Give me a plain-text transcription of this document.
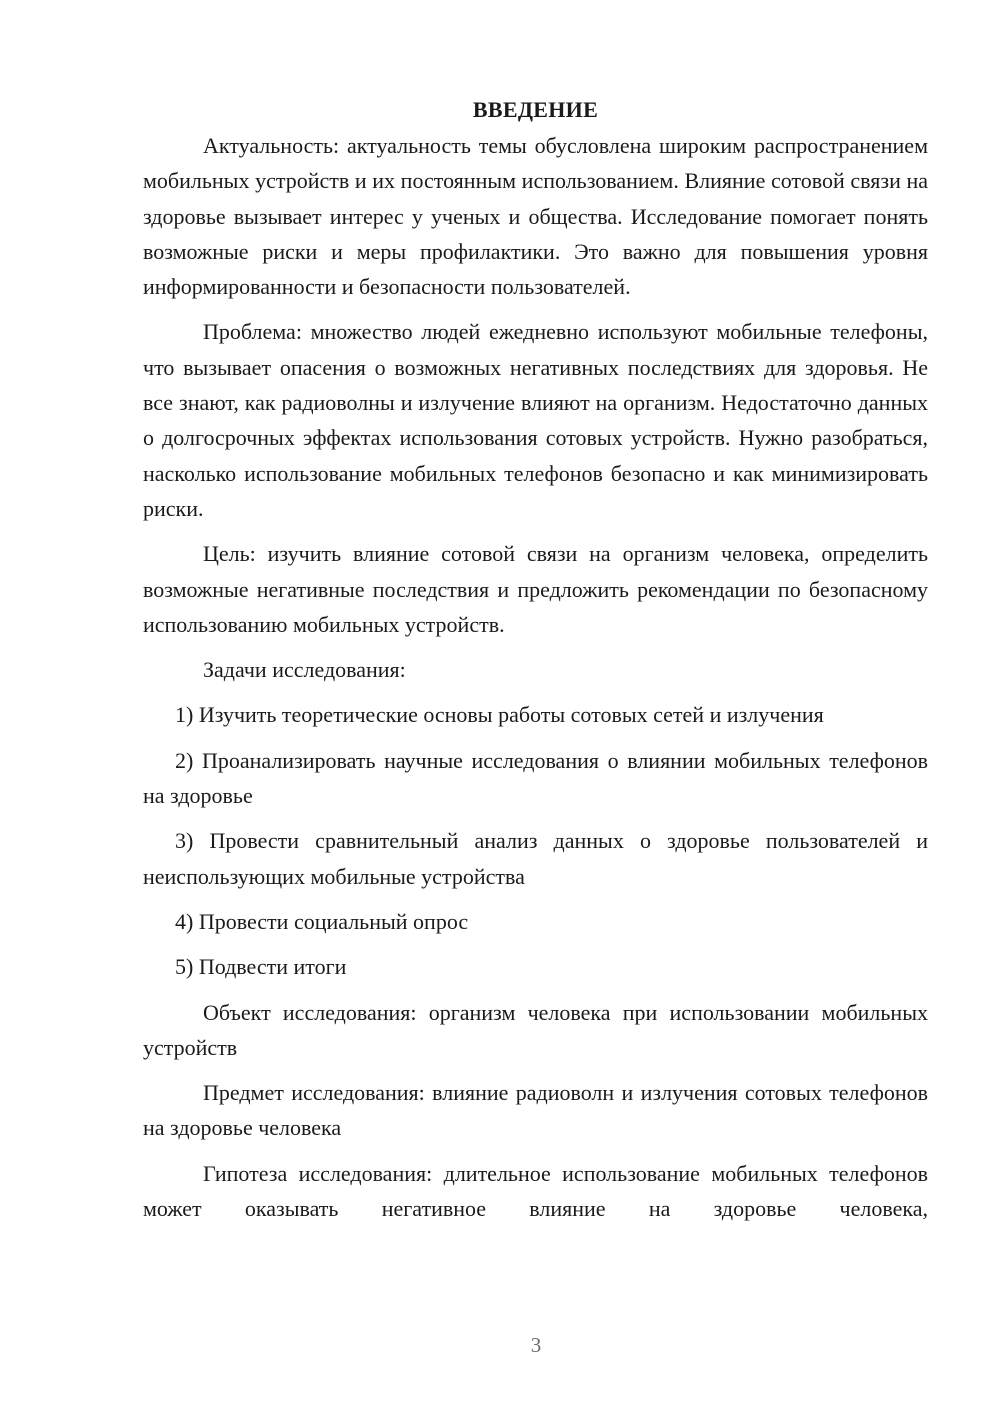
ВВЕДЕНИЕ

Актуальность: актуальность темы обусловлена широким распространением мобильных устройств и их постоянным использованием. Влияние сотовой связи на здоровье вызывает интерес у ученых и общества. Исследование помогает понять возможные риски и меры профилактики. Это важно для повышения уровня информированности и безопасности пользователей.

Проблема: множество людей ежедневно используют мобильные телефоны, что вызывает опасения о возможных негативных последствиях для здоровья. Не все знают, как радиоволны и излучение влияют на организм. Недостаточно данных о долгосрочных эффектах использования сотовых устройств. Нужно разобраться, насколько использование мобильных телефонов безопасно и как минимизировать риски.

Цель: изучить влияние сотовой связи на организм человека, определить возможные негативные последствия и предложить рекомендации по безопасному использованию мобильных устройств.

Задачи исследования:

1) Изучить теоретические основы работы сотовых сетей и излучения

2) Проанализировать научные исследования о влиянии мобильных телефонов на здоровье

3) Провести сравнительный анализ данных о здоровье пользователей и неиспользующих мобильные устройства

4) Провести социальный опрос

5) Подвести итоги

Объект исследования: организм человека при использовании мобильных устройств

Предмет исследования: влияние радиоволн и излучения сотовых телефонов на здоровье человека

Гипотеза исследования: длительное использование мобильных телефонов может оказывать негативное влияние на здоровье человека,

3
